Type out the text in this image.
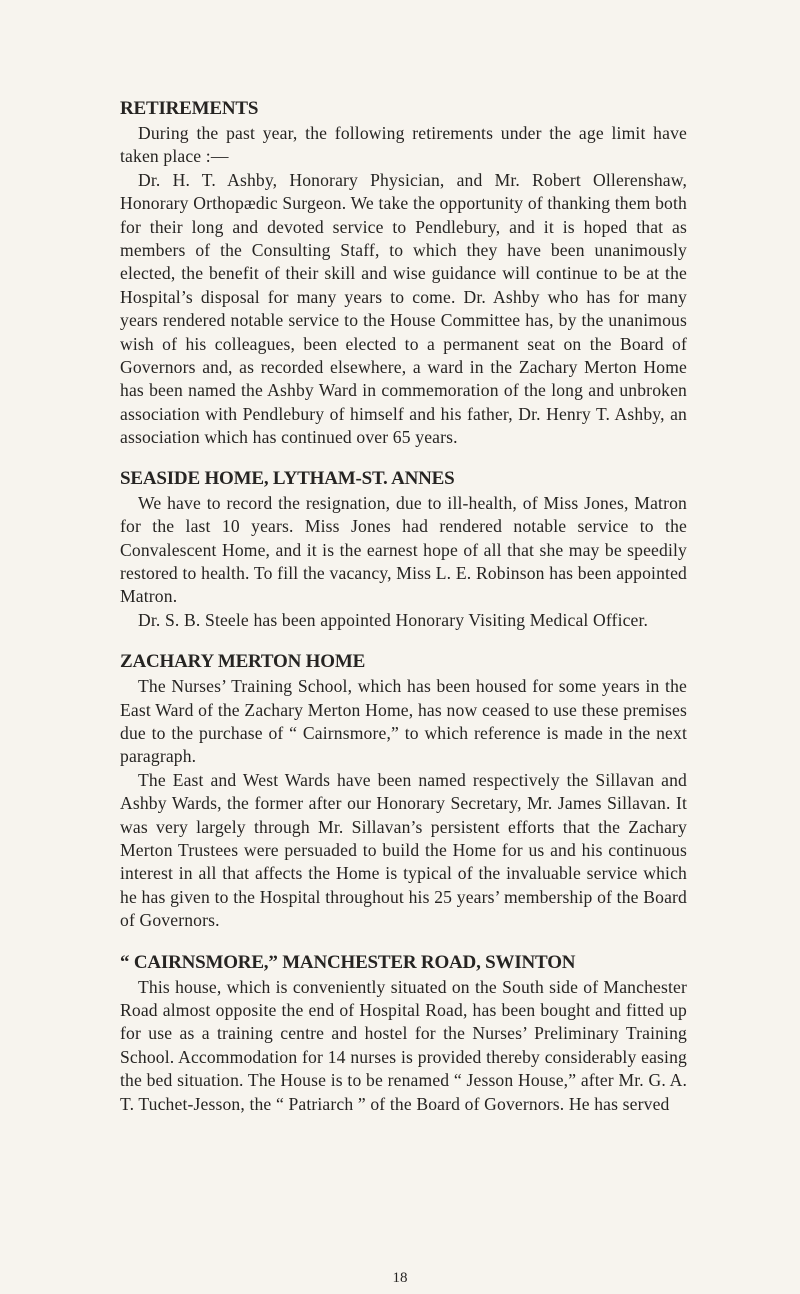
RETIREMENTS

During the past year, the following retirements under the age limit have taken place :—

Dr. H. T. Ashby, Honorary Physician, and Mr. Robert Ollerenshaw, Honorary Orthopædic Surgeon. We take the opportunity of thanking them both for their long and devoted service to Pendlebury, and it is hoped that as members of the Consulting Staff, to which they have been unanimously elected, the benefit of their skill and wise guidance will continue to be at the Hospital’s disposal for many years to come. Dr. Ashby who has for many years rendered notable service to the House Committee has, by the unanimous wish of his colleagues, been elected to a permanent seat on the Board of Governors and, as recorded elsewhere, a ward in the Zachary Merton Home has been named the Ashby Ward in commemoration of the long and unbroken association with Pendlebury of himself and his father, Dr. Henry T. Ashby, an association which has continued over 65 years.

SEASIDE HOME, LYTHAM-ST. ANNES

We have to record the resignation, due to ill-health, of Miss Jones, Matron for the last 10 years. Miss Jones had rendered notable service to the Convalescent Home, and it is the earnest hope of all that she may be speedily restored to health. To fill the vacancy, Miss L. E. Robinson has been appointed Matron.

Dr. S. B. Steele has been appointed Honorary Visiting Medical Officer.

ZACHARY MERTON HOME

The Nurses’ Training School, which has been housed for some years in the East Ward of the Zachary Merton Home, has now ceased to use these premises due to the purchase of “ Cairnsmore,” to which reference is made in the next paragraph.

The East and West Wards have been named respectively the Sillavan and Ashby Wards, the former after our Honorary Secretary, Mr. James Sillavan. It was very largely through Mr. Sillavan’s persistent efforts that the Zachary Merton Trustees were persuaded to build the Home for us and his continuous interest in all that affects the Home is typical of the invaluable service which he has given to the Hospital throughout his 25 years’ membership of the Board of Governors.

“ CAIRNSMORE,” MANCHESTER ROAD, SWINTON

This house, which is conveniently situated on the South side of Manchester Road almost opposite the end of Hospital Road, has been bought and fitted up for use as a training centre and hostel for the Nurses’ Preliminary Training School. Accommodation for 14 nurses is provided thereby considerably easing the bed situation. The House is to be renamed “ Jesson House,” after Mr. G. A. T. Tuchet-Jesson, the “ Patriarch ” of the Board of Governors. He has served

18
